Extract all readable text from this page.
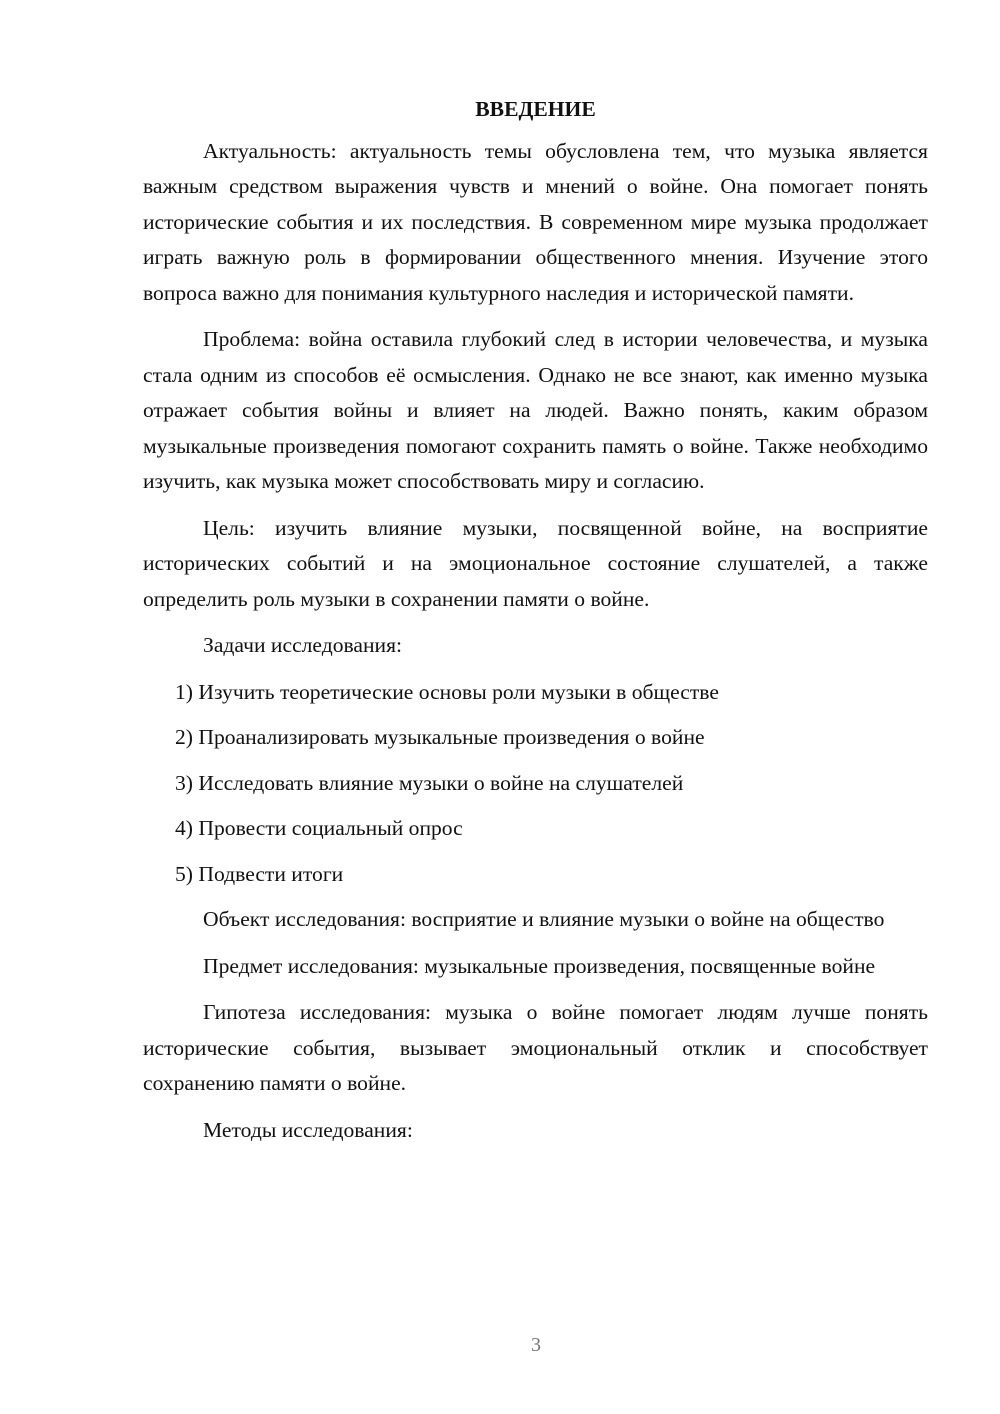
ВВЕДЕНИЕ

Актуальность: актуальность темы обусловлена тем, что музыка является важным средством выражения чувств и мнений о войне. Она помогает понять исторические события и их последствия. В современном мире музыка продолжает играть важную роль в формировании общественного мнения. Изучение этого вопроса важно для понимания культурного наследия и исторической памяти.

Проблема: война оставила глубокий след в истории человечества, и музыка стала одним из способов её осмысления. Однако не все знают, как именно музыка отражает события войны и влияет на людей. Важно понять, каким образом музыкальные произведения помогают сохранить память о войне. Также необходимо изучить, как музыка может способствовать миру и согласию.

Цель: изучить влияние музыки, посвященной войне, на восприятие исторических событий и на эмоциональное состояние слушателей, а также определить роль музыки в сохранении памяти о войне.

Задачи исследования:

1) Изучить теоретические основы роли музыки в обществе

2) Проанализировать музыкальные произведения о войне

3) Исследовать влияние музыки о войне на слушателей

4) Провести социальный опрос

5) Подвести итоги

Объект исследования: восприятие и влияние музыки о войне на общество

Предмет исследования: музыкальные произведения, посвященные войне

Гипотеза исследования: музыка о войне помогает людям лучше понять исторические события, вызывает эмоциональный отклик и способствует сохранению памяти о войне.

Методы исследования:

3
